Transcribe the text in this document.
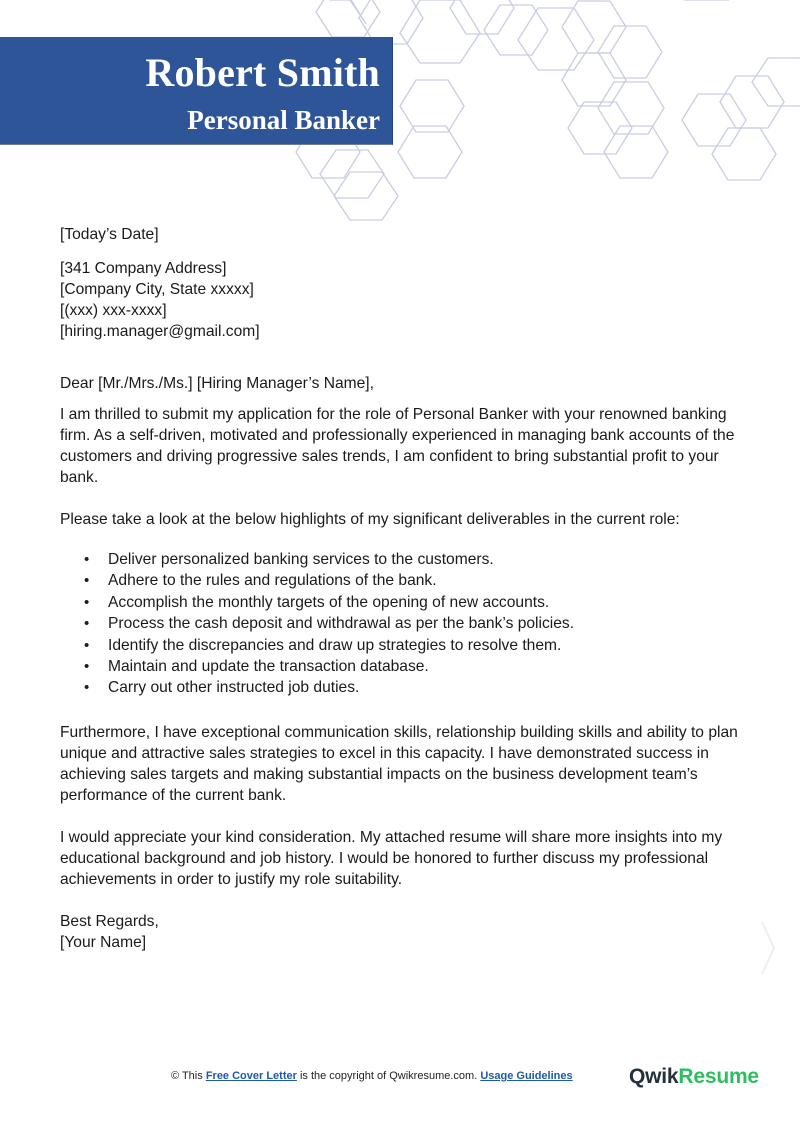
Robert Smith
Personal Banker

[Today’s Date]

[341 Company Address]

[Company City, State xxxxx]

[(xxx) xxx-xxxx]

[hiring.manager@gmail.com]

Dear [Mr./Mrs./Ms.] [Hiring Manager’s Name],

I am thrilled to submit my application for the role of Personal Banker with your renowned banking firm. As a self-driven, motivated and professionally experienced in managing bank accounts of the customers and driving progressive sales trends, I am confident to bring substantial profit to your bank.

Please take a look at the below highlights of my significant deliverables in the current role:

• Deliver personalized banking services to the customers.
• Adhere to the rules and regulations of the bank.
• Accomplish the monthly targets of the opening of new accounts.
• Process the cash deposit and withdrawal as per the bank’s policies.
• Identify the discrepancies and draw up strategies to resolve them.
• Maintain and update the transaction database.
• Carry out other instructed job duties.

Furthermore, I have exceptional communication skills, relationship building skills and ability to plan unique and attractive sales strategies to excel in this capacity. I have demonstrated success in achieving sales targets and making substantial impacts on the business development team’s performance of the current bank.

I would appreciate your kind consideration. My attached resume will share more insights into my educational background and job history. I would be honored to further discuss my professional achievements in order to justify my role suitability.

Best Regards,

[Your Name]

© This Free Cover Letter is the copyright of Qwikresume.com. Usage Guidelines	QwikResume
